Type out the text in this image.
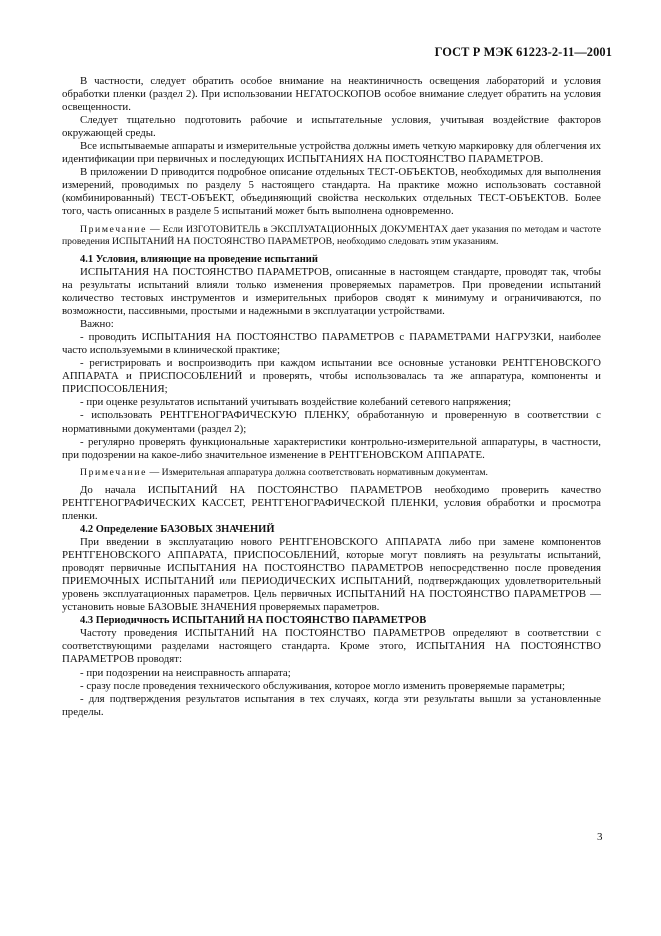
ГОСТ Р МЭК 61223-2-11—2001

В частности, следует обратить особое внимание на неактиничность освещения лабораторий и условия обработки пленки (раздел 2). При использовании НЕГАТОСКОПОВ особое внимание следует обратить на условия освещенности.

Следует тщательно подготовить рабочие и испытательные условия, учитывая воздействие факторов окружающей среды.

Все испытываемые аппараты и измерительные устройства должны иметь четкую маркировку для облегчения их идентификации при первичных и последующих ИСПЫТАНИЯХ НА ПОСТОЯНСТВО ПАРАМЕТРОВ.

В приложении D приводится подробное описание отдельных ТЕСТ-ОБЪЕКТОВ, необходимых для выполнения измерений, проводимых по разделу 5 настоящего стандарта. На практике можно использовать составной (комбинированный) ТЕСТ-ОБЪЕКТ, объединяющий свойства нескольких отдельных ТЕСТ-ОБЪЕКТОВ. Более того, часть описанных в разделе 5 испытаний может быть выполнена одновременно.

Примечание — Если ИЗГОТОВИТЕЛЬ в ЭКСПЛУАТАЦИОННЫХ ДОКУМЕНТАХ дает указания по методам и частоте проведения ИСПЫТАНИЙ НА ПОСТОЯНСТВО ПАРАМЕТРОВ, необходимо следовать этим указаниям.

4.1 Условия, влияющие на проведение испытаний

ИСПЫТАНИЯ НА ПОСТОЯНСТВО ПАРАМЕТРОВ, описанные в настоящем стандарте, проводят так, чтобы на результаты испытаний влияли только изменения проверяемых параметров. При проведении испытаний количество тестовых инструментов и измерительных приборов сводят к минимуму и ограничиваются, по возможности, пассивными, простыми и надежными в эксплуатации устройствами.

Важно:

- проводить ИСПЫТАНИЯ НА ПОСТОЯНСТВО ПАРАМЕТРОВ с ПАРАМЕТРАМИ НАГРУЗКИ, наиболее часто используемыми в клинической практике;

- регистрировать и воспроизводить при каждом испытании все основные установки РЕНТГЕНОВСКОГО АППАРАТА и ПРИСПОСОБЛЕНИЙ и проверять, чтобы использовалась та же аппаратура, компоненты и ПРИСПОСОБЛЕНИЯ;

- при оценке результатов испытаний учитывать воздействие колебаний сетевого напряжения;

- использовать РЕНТГЕНОГРАФИЧЕСКУЮ ПЛЕНКУ, обработанную и проверенную в соответствии с нормативными документами (раздел 2);

- регулярно проверять функциональные характеристики контрольно-измерительной аппаратуры, в частности, при подозрении на какое-либо значительное изменение в РЕНТГЕНОВСКОМ АППАРАТЕ.

Примечание — Измерительная аппаратура должна соответствовать нормативным документам.

До начала ИСПЫТАНИЙ НА ПОСТОЯНСТВО ПАРАМЕТРОВ необходимо проверить качество РЕНТГЕНОГРАФИЧЕСКИХ КАССЕТ, РЕНТГЕНОГРАФИЧЕСКОЙ ПЛЕНКИ, условия обработки и просмотра пленки.

4.2 Определение БАЗОВЫХ ЗНАЧЕНИЙ

При введении в эксплуатацию нового РЕНТГЕНОВСКОГО АППАРАТА либо при замене компонентов РЕНТГЕНОВСКОГО АППАРАТА, ПРИСПОСОБЛЕНИЙ, которые могут повлиять на результаты испытаний, проводят первичные ИСПЫТАНИЯ НА ПОСТОЯНСТВО ПАРАМЕТРОВ непосредственно после проведения ПРИЕМОЧНЫХ ИСПЫТАНИЙ или ПЕРИОДИЧЕСКИХ ИСПЫТАНИЙ, подтверждающих удовлетворительный уровень эксплуатационных параметров. Цель первичных ИСПЫТАНИЙ НА ПОСТОЯНСТВО ПАРАМЕТРОВ — установить новые БАЗОВЫЕ ЗНАЧЕНИЯ проверяемых параметров.

4.3 Периодичность ИСПЫТАНИЙ НА ПОСТОЯНСТВО ПАРАМЕТРОВ

Частоту проведения ИСПЫТАНИЙ НА ПОСТОЯНСТВО ПАРАМЕТРОВ определяют в соответствии с соответствующими разделами настоящего стандарта. Кроме этого, ИСПЫТАНИЯ НА ПОСТОЯНСТВО ПАРАМЕТРОВ проводят:

- при подозрении на неисправность аппарата;

- сразу после проведения технического обслуживания, которое могло изменить проверяемые параметры;

- для подтверждения результатов испытания в тех случаях, когда эти результаты вышли за установленные пределы.

3
